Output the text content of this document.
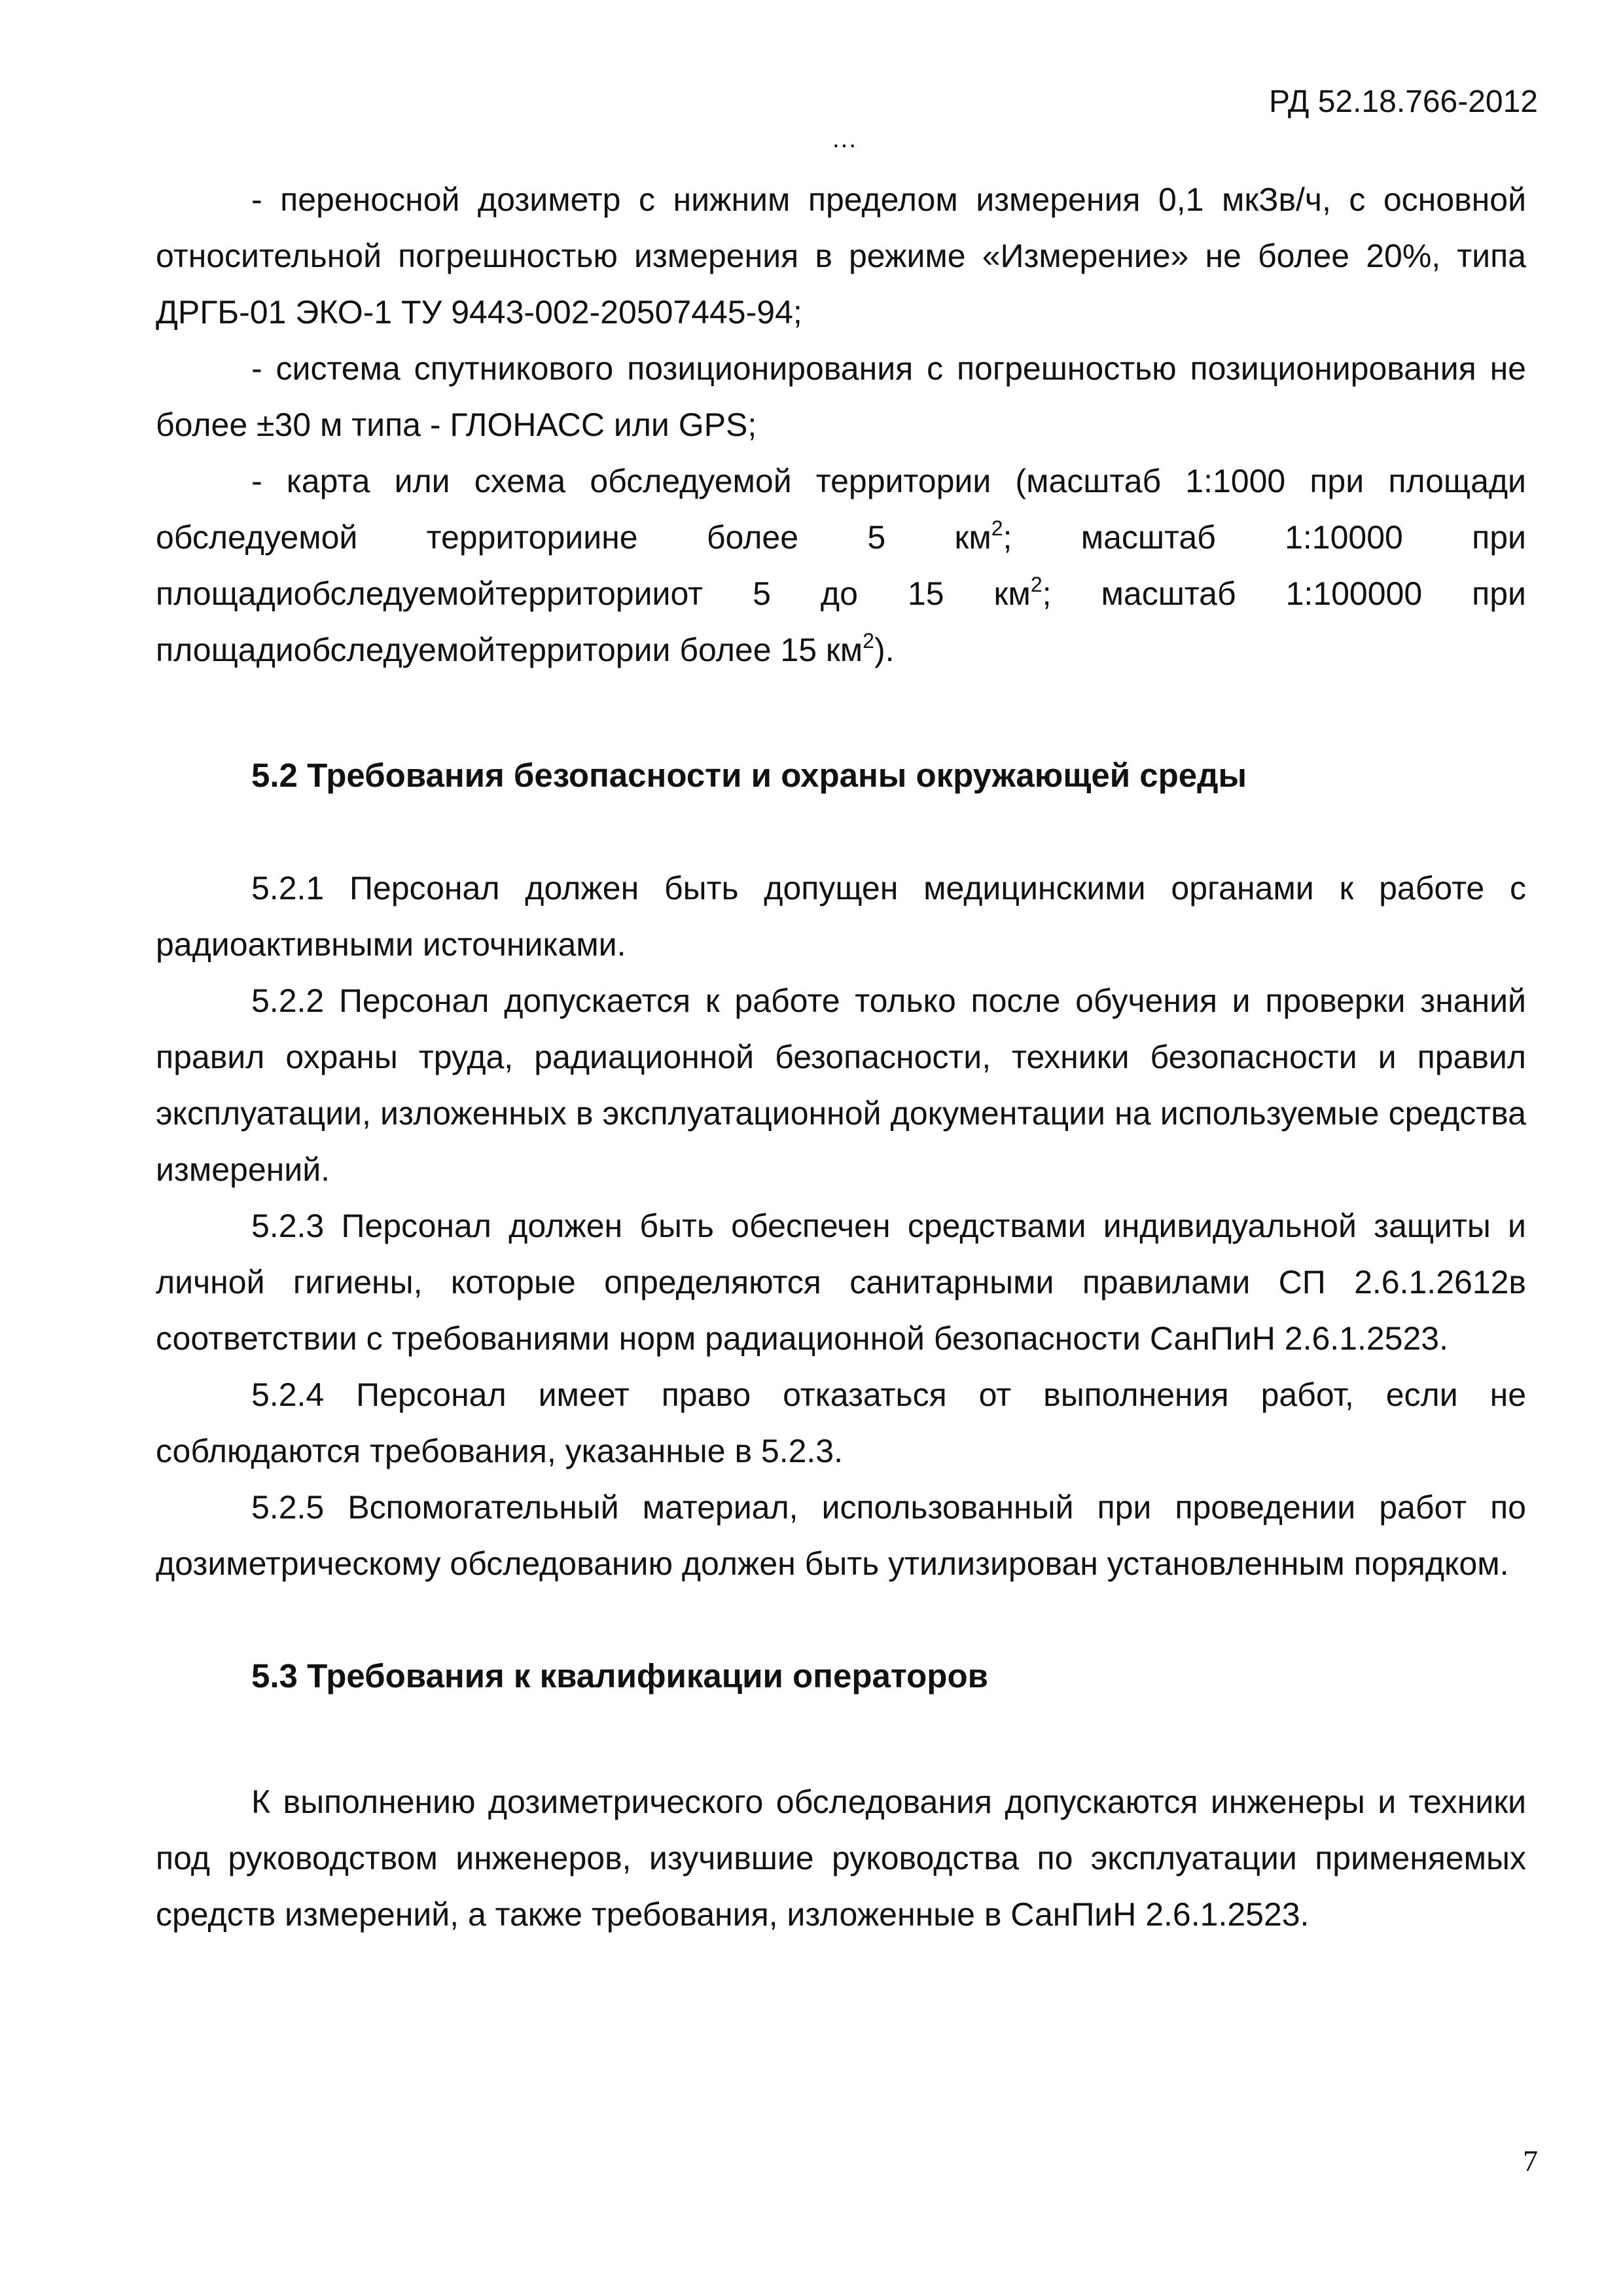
РД 52.18.766-2012
…

- переносной дозиметр с нижним пределом измерения 0,1 мкЗв/ч, с основной относительной погрешностью измерения в режиме «Измерение» не более 20%, типа ДРГБ-01 ЭКО-1 ТУ 9443-002-20507445-94;

- система спутникового позиционирования с погрешностью позиционирования не более ±30 м типа - ГЛОНАСС или GPS;

- карта или схема обследуемой территории (масштаб 1:1000 при площади обследуемой территориине более 5 $км^2$; масштаб 1:10000 при площадиобследуемойтерриторииот 5 до 15 $км^2$; масштаб 1:100000 при площадиобследуемойтерритории более 15 $км^2$).

5.2 Требования безопасности и охраны окружающей среды

5.2.1 Персонал должен быть допущен медицинскими органами к работе с радиоактивными источниками.

5.2.2 Персонал допускается к работе только после обучения и проверки знаний правил охраны труда, радиационной безопасности, техники безопасности и правил эксплуатации, изложенных в эксплуатационной документации на используемые средства измерений.

5.2.3 Персонал должен быть обеспечен средствами индивидуальной защиты и личной гигиены, которые определяются санитарными правилами СП 2.6.1.2612в соответствии с требованиями норм радиационной безопасности СанПиН 2.6.1.2523.

5.2.4 Персонал имеет право отказаться от выполнения работ, если не соблюдаются требования, указанные в 5.2.3.

5.2.5 Вспомогательный материал, использованный при проведении работ по дозиметрическому обследованию должен быть утилизирован установленным порядком.

5.3 Требования к квалификации операторов

К выполнению дозиметрического обследования допускаются инженеры и техники под руководством инженеров, изучившие руководства по эксплуатации применяемых средств измерений, а также требования, изложенные в СанПиН 2.6.1.2523.

7
